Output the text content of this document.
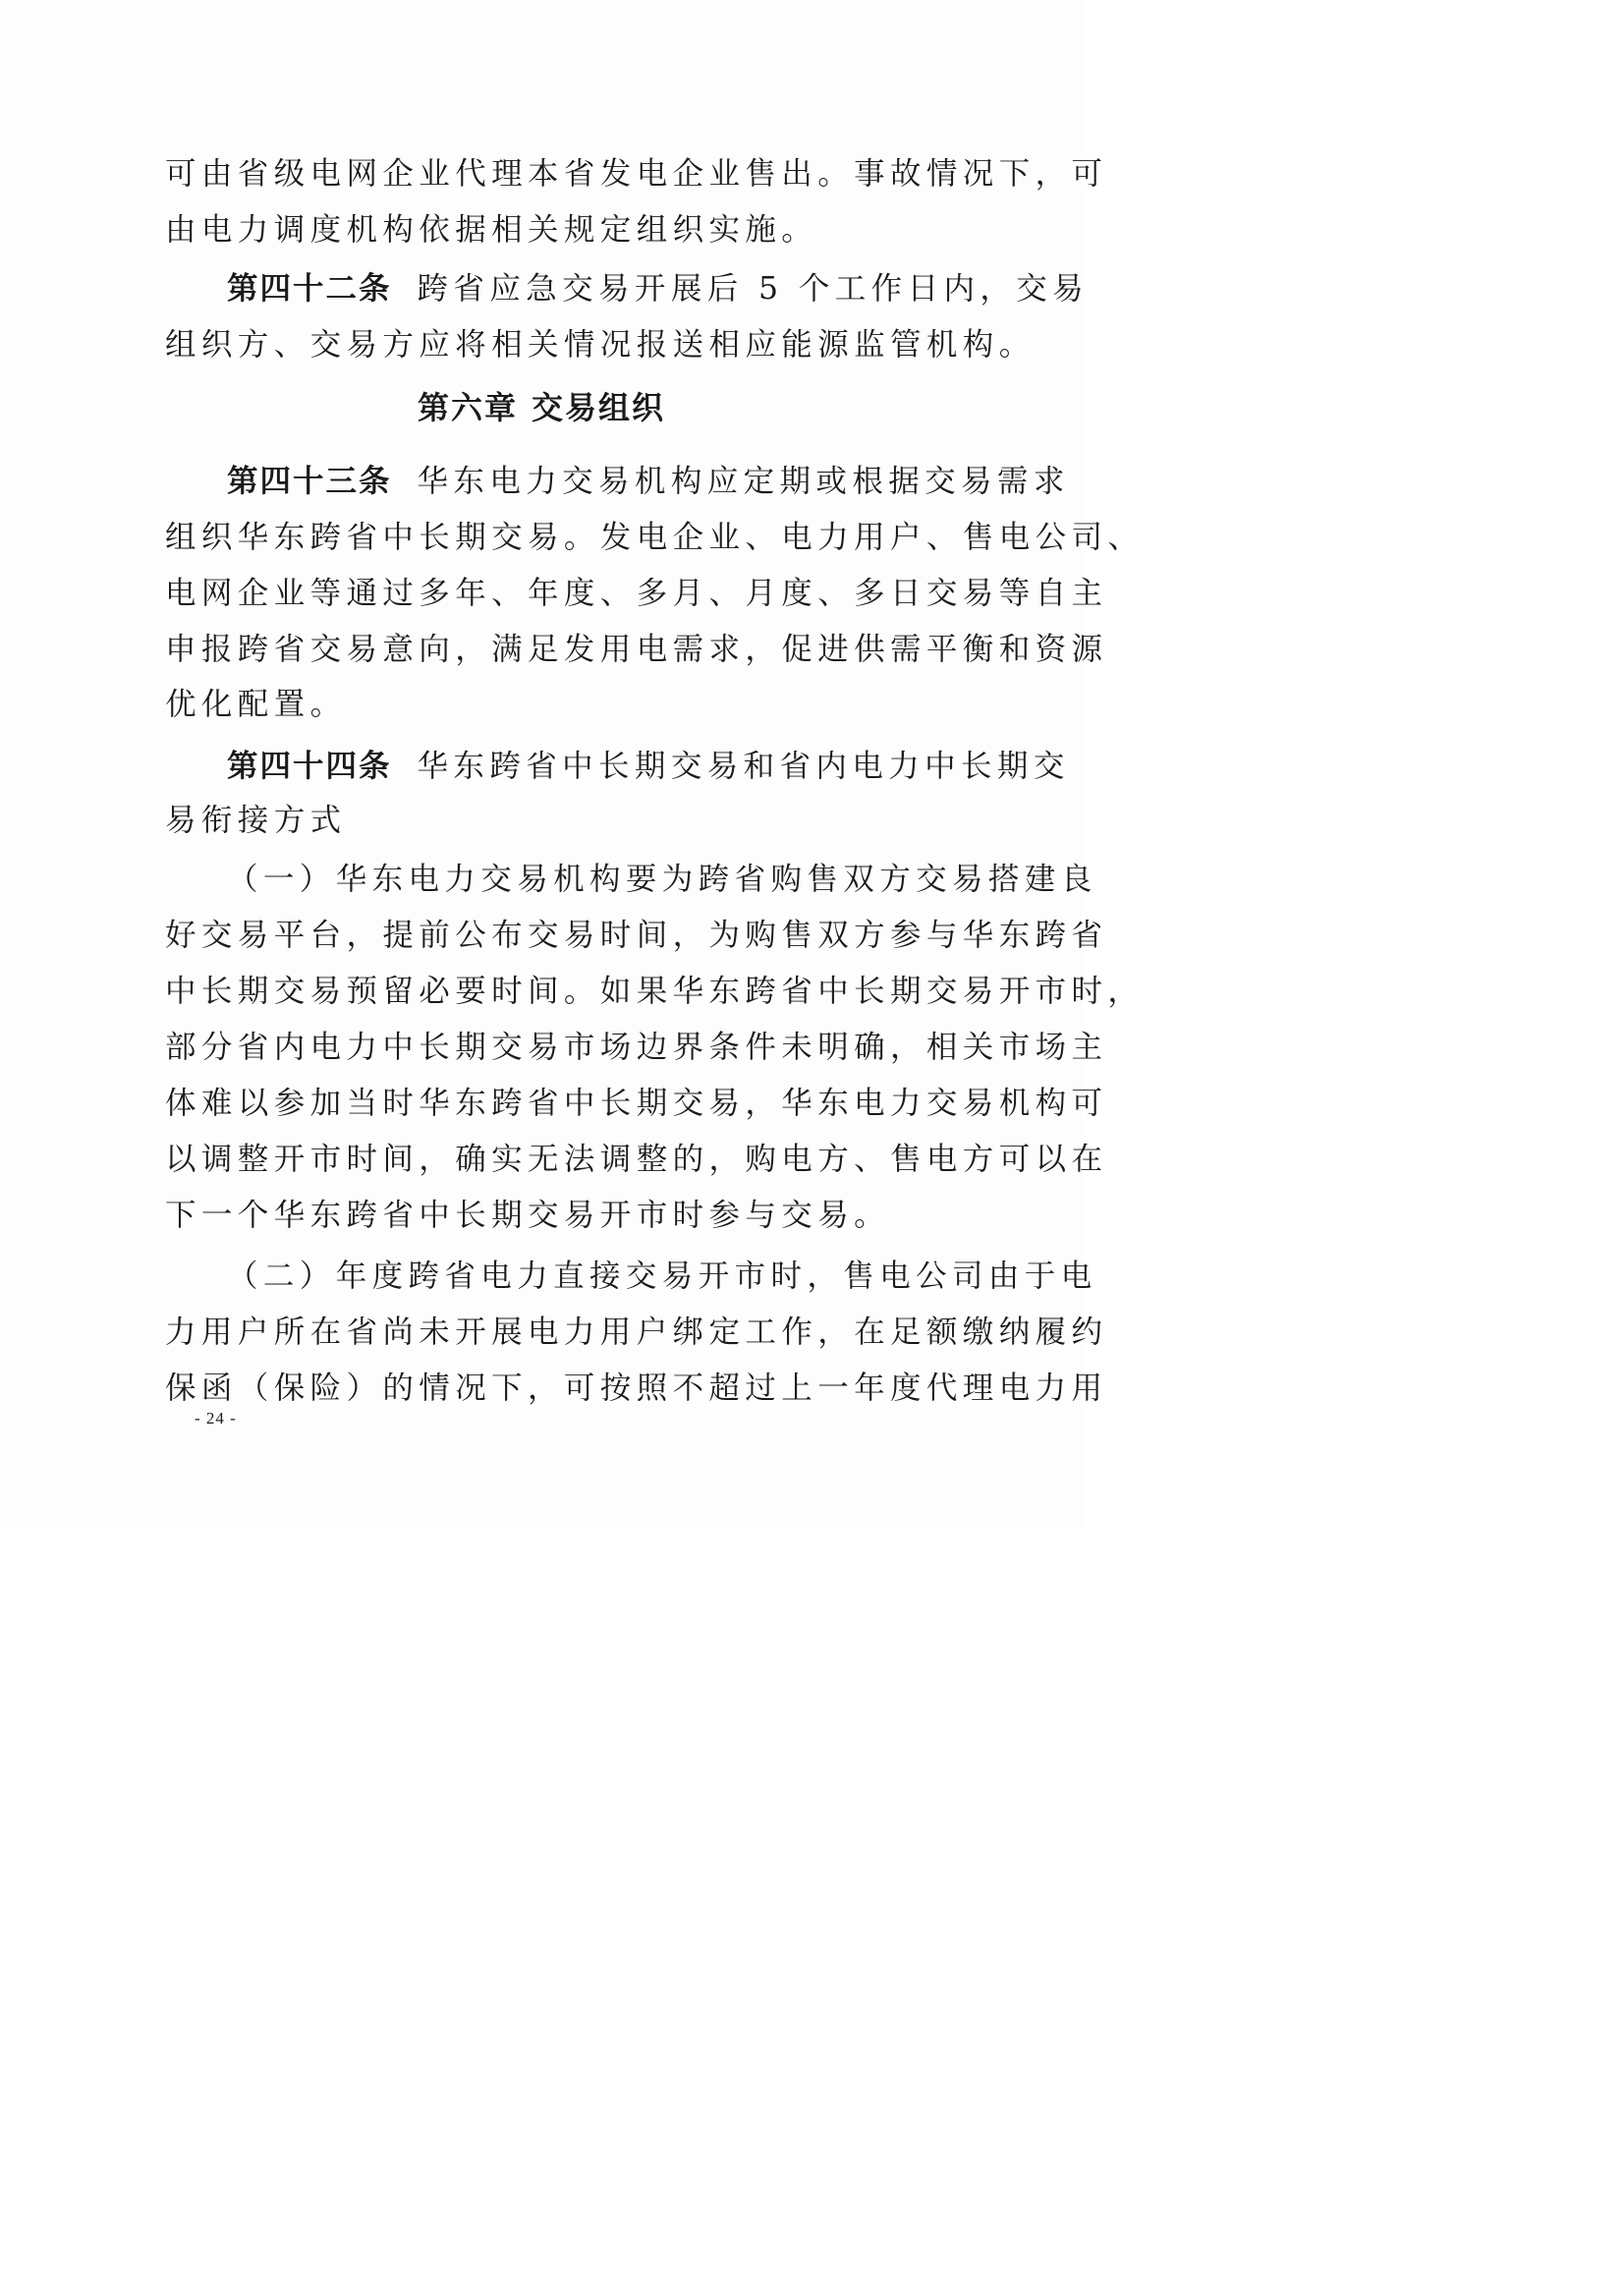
可由省级电网企业代理本省发电企业售出。事故情况下，可
由电力调度机构依据相关规定组织实施。
第四十二条 跨省应急交易开展后 5 个工作日内，交易
组织方、交易方应将相关情况报送相应能源监管机构。
第六章 交易组织
第四十三条 华东电力交易机构应定期或根据交易需求
组织华东跨省中长期交易。发电企业、电力用户、售电公司、
电网企业等通过多年、年度、多月、月度、多日交易等自主
申报跨省交易意向，满足发用电需求，促进供需平衡和资源
优化配置。
第四十四条 华东跨省中长期交易和省内电力中长期交
易衔接方式
（一）华东电力交易机构要为跨省购售双方交易搭建良
好交易平台，提前公布交易时间，为购售双方参与华东跨省
中长期交易预留必要时间。如果华东跨省中长期交易开市时，
部分省内电力中长期交易市场边界条件未明确，相关市场主
体难以参加当时华东跨省中长期交易，华东电力交易机构可
以调整开市时间，确实无法调整的，购电方、售电方可以在
下一个华东跨省中长期交易开市时参与交易。
（二）年度跨省电力直接交易开市时，售电公司由于电
力用户所在省尚未开展电力用户绑定工作，在足额缴纳履约
保函（保险）的情况下，可按照不超过上一年度代理电力用
- 24 -
